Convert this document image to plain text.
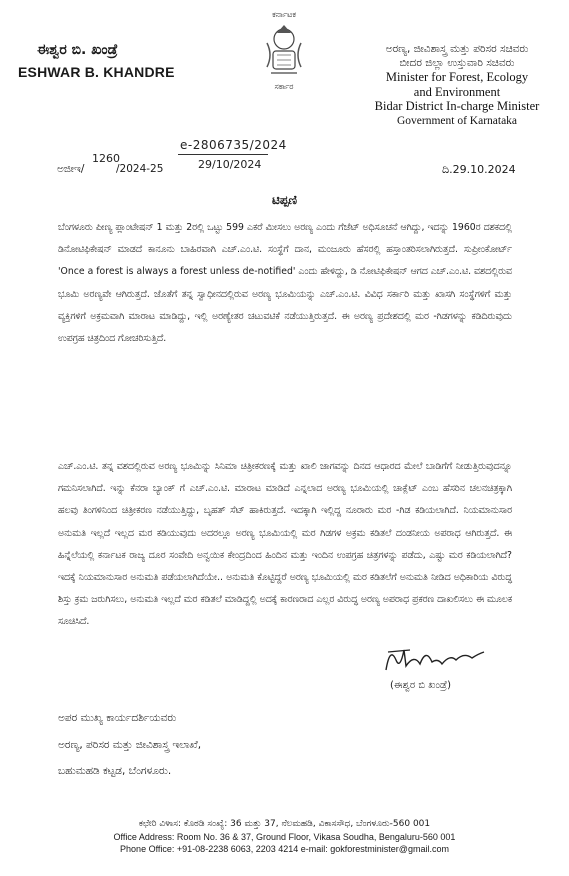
ಈಶ್ವರ ಬಿ. ಖಂಡ್ರೆ
ESHWAR B. KHANDRE
ಕರ್ನಾಟಕ
ಸರ್ಕಾರ
ಅರಣ್ಯ, ಜೀವಿಶಾಸ್ತ್ರ ಮತ್ತು ಪರಿಸರ ಸಚಿವರು
ಬೀದರ ಜಿಲ್ಲಾ ಉಸ್ತುವಾರಿ ಸಚಿವರು
Minister for Forest, Ecology
and Environment
Bidar District In-charge Minister
Government of Karnataka
e-2806735/2024
29/10/2024
1260
ಅಜೀಇ/	/2024-25	ದಿ.29.10.2024
ಟಿಪ್ಪಣಿ
ಬೆಂಗಳೂರು ಪೀಣ್ಯ ಪ್ಲಾಂಟೇಷನ್ 1 ಮತ್ತು 2ರಲ್ಲಿ ಒಟ್ಟು 599 ಎಕರೆ ಮೀಸಲು ಅರಣ್ಯ ಎಂದು ಗೆಜೆಟ್ ಅಧಿಸೂಚನೆ ಆಗಿದ್ದು, ಇದನ್ನು 1960ರ ದಶಕದಲ್ಲಿ ಡಿನೋಟಿಫಿಕೇಷನ್ ಮಾಡದೆ ಕಾನೂನು ಬಾಹಿರವಾಗಿ ಎಚ್.ಎಂ.ಟಿ. ಸಂಸ್ಥೆಗೆ ದಾನ, ಮಂಜೂರು ಹೆಸರಲ್ಲಿ ಹಸ್ತಾಂತರಿಸಲಾಗಿರುತ್ತದೆ. ಸುಪ್ರೀಂಕೋರ್ಟ್ 'Once a forest is always a forest unless de-notified' ಎಂದು ಹೇಳಿದ್ದು, ಡಿ ನೋಟಿಫಿಕೇಷನ್ ಆಗದ ಎಚ್.ಎಂ.ಟಿ. ವಶದಲ್ಲಿರುವ ಭೂಮಿ ಅರಣ್ಯವೇ ಆಗಿರುತ್ತದೆ. ಜೊತೆಗೆ ತನ್ನ ಸ್ವಾಧೀನದಲ್ಲಿರುವ ಅರಣ್ಯ ಭೂಮಿಯನ್ನು ಎಚ್.ಎಂ.ಟಿ. ವಿವಿಧ ಸರ್ಕಾರಿ ಮತ್ತು ಖಾಸಗಿ ಸಂಸ್ಥೆಗಳಿಗೆ ಮತ್ತು ವ್ಯಕ್ತಿಗಳಿಗೆ ಅಕ್ರಮವಾಗಿ ಮಾರಾಟ ಮಾಡಿದ್ದು, ಇಲ್ಲಿ ಅರಣ್ಯೇತರ ಚಟುವಟಿಕೆ ನಡೆಯುತ್ತಿರುತ್ತದೆ. ಈ ಅರಣ್ಯ ಪ್ರದೇಶದಲ್ಲಿ ಮರ -ಗಿಡಗಳನ್ನು ಕಡಿದಿರುವುದು ಉಪಗ್ರಹ ಚಿತ್ರದಿಂದ ಗೋಚರಿಸುತ್ತಿದೆ.
ಎಚ್.ಎಂ.ಟಿ. ತನ್ನ ವಶದಲ್ಲಿರುವ ಅರಣ್ಯ ಭೂಮಿನ್ನು ಸಿನಿಮಾ ಚಿತ್ರೀಕರಣಕ್ಕೆ ಮತ್ತು ಖಾಲಿ ಜಾಗವನ್ನು ದಿನದ ಆಧಾರದ ಮೇಲೆ ಬಾಡಿಗೆಗೆ ನೀಡುತ್ತಿರುವುದನ್ನೂ ಗಮನಿಸಲಾಗಿದೆ. ಇನ್ನು ಕೆನರಾ ಬ್ಯಾಂಕ್ ಗೆ ಎಚ್.ಎಂ.ಟಿ. ಮಾರಾಟ ಮಾಡಿದೆ ಎನ್ನಲಾದ ಅರಣ್ಯ ಭೂಮಿಯಲ್ಲಿ ಚಾಕ್ಲೆಟ್ ಎಂಬ ಹೆಸರಿನ ಚಲನಚಿತ್ರಕ್ಕಾಗಿ ಹಲವು ತಿಂಗಳಿನಿಂದ ಚಿತ್ರೀಕರಣ ನಡೆಯುತ್ತಿದ್ದು, ಬೃಹತ್ ಸೆಟ್ ಹಾಕಿರುತ್ತದೆ. ಇದಕ್ಕಾಗಿ ಇಲ್ಲಿದ್ದ ನೂರಾರು ಮರ -ಗಿಡ ಕಡಿಯಲಾಗಿದೆ. ನಿಯಮಾನುಸಾರ ಅನುಮತಿ ಇಲ್ಲದೆ ಇಲ್ಲದ ಮರ ಕಡಿಯುವುದು ಅದರಲ್ಲೂ ಅರಣ್ಯ ಭೂಮಿಯಲ್ಲಿ ಮರ ಗಿಡಗಳ ಅಕ್ರಮ ಕಡಿತಲೆ ದಂಡನೀಯ ಅಪರಾಧ ಆಗಿರುತ್ತದೆ. ಈ ಹಿನ್ನೆಲೆಯಲ್ಲಿ ಕರ್ನಾಟಕ ರಾಜ್ಯ ದೂರ ಸಂವೇದಿ ಅನ್ವಯಿಕ ಕೇಂದ್ರದಿಂದ ಹಿಂದಿನ ಮತ್ತು ಇಂದಿನ ಉಪಗ್ರಹ ಚಿತ್ರಗಳನ್ನು ಪಡೆದು, ಎಷ್ಟು ಮರ ಕಡಿಯಲಾಗಿದೆ? ಇದಕ್ಕೆ ನಿಯಮಾನುಸಾರ ಅನುಮತಿ ಪಡೆಯಲಾಗಿದೆಯೇ.. ಅನುಮತಿ ಕೊಟ್ಟಿದ್ದರೆ ಅರಣ್ಯ ಭೂಮಿಯಲ್ಲಿ ಮರ ಕಡಿತಲೆಗೆ ಅನುಮತಿ ನೀಡಿದ ಅಧಿಕಾರಿಯ ವಿರುದ್ಧ ಶಿಸ್ತು ಕ್ರಮ ಜರುಗಿಸಲು, ಅನುಮತಿ ಇಲ್ಲದೆ ಮರ ಕಡಿತಲೆ ಮಾಡಿದ್ದಲ್ಲಿ ಅದಕ್ಕೆ ಕಾರಣರಾದ ಎಲ್ಲರ ವಿರುದ್ಧ ಅರಣ್ಯ ಅಪರಾಧ ಪ್ರಕರಣ ದಾಖಲಿಸಲು ಈ ಮೂಲಕ ಸೂಚಿಸಿದೆ.
(ಈಶ್ವರ ಬಿ ಖಂಡ್ರೆ)
ಅಪರ ಮುಖ್ಯ ಕಾರ್ಯದರ್ಶಿಯವರು
ಅರಣ್ಯ, ಪರಿಸರ ಮತ್ತು ಜೀವಿಶಾಸ್ತ್ರ ಇಲಾಖೆ,
ಬಹುಮಹಡಿ ಕಟ್ಟಡ, ಬೆಂಗಳೂರು.
ಕಛೇರಿ ವಿಳಾಸ: ಕೊಠಡಿ ಸಂಖ್ಯೆ: 36 ಮತ್ತು 37, ನೆಲಮಹಡಿ, ವಿಕಾಸಸೌಧ, ಬೆಂಗಳೂರು-560 001
Office Address: Room No. 36 & 37, Ground Floor, Vikasa Soudha, Bengaluru-560 001
Phone Office: +91-08-2238 6063, 2203 4214 e-mail: gokforestminister@gmail.com
